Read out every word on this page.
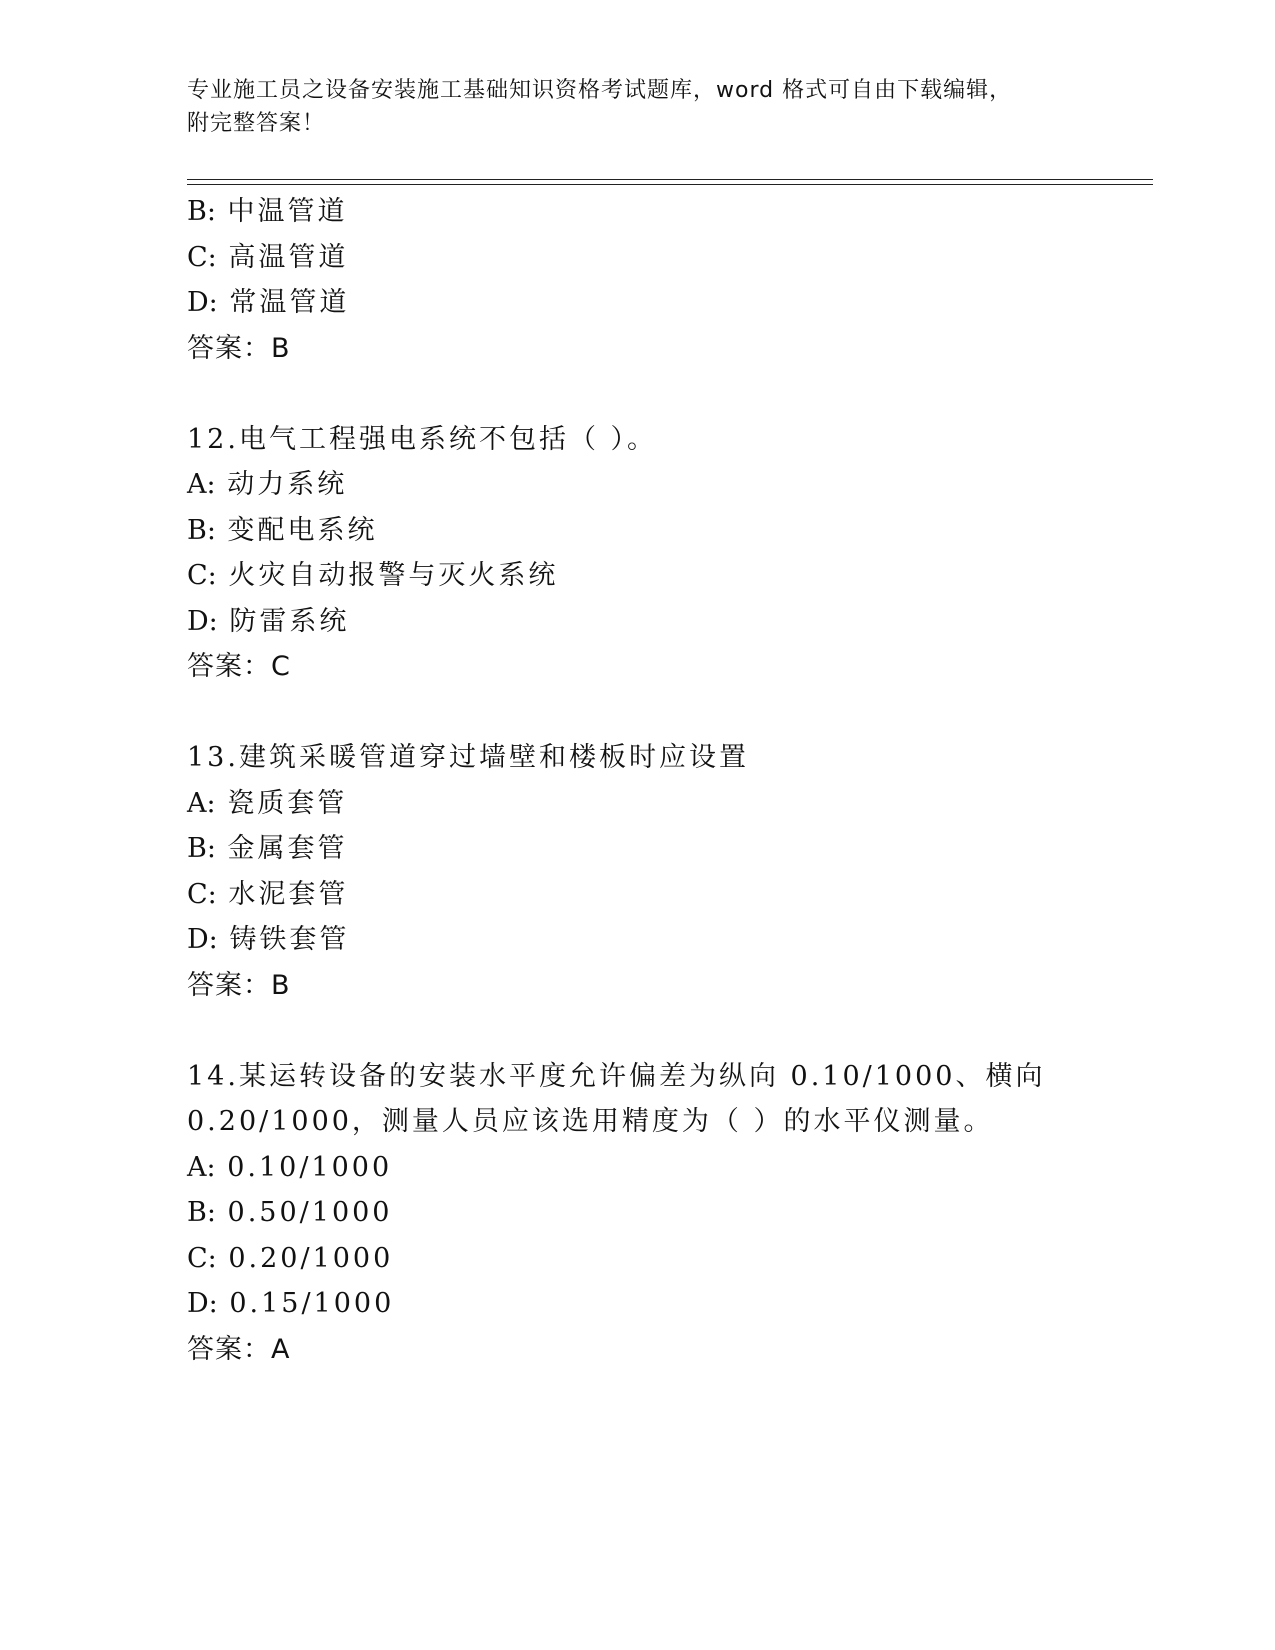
专业施工员之设备安装施工基础知识资格考试题库，word 格式可自由下载编辑，
附完整答案！
B: 中温管道
C: 高温管道
D: 常温管道
答案：B
12.电气工程强电系统不包括（ ）。
A: 动力系统
B: 变配电系统
C: 火灾自动报警与灭火系统
D: 防雷系统
答案：C
13.建筑采暖管道穿过墙壁和楼板时应设置
A: 瓷质套管
B: 金属套管
C: 水泥套管
D: 铸铁套管
答案：B
14.某运转设备的安装水平度允许偏差为纵向 0.10/1000、横向
0.20/1000，测量人员应该选用精度为（ ）的水平仪测量。
A: 0.10/1000
B: 0.50/1000
C: 0.20/1000
D: 0.15/1000
答案：A
